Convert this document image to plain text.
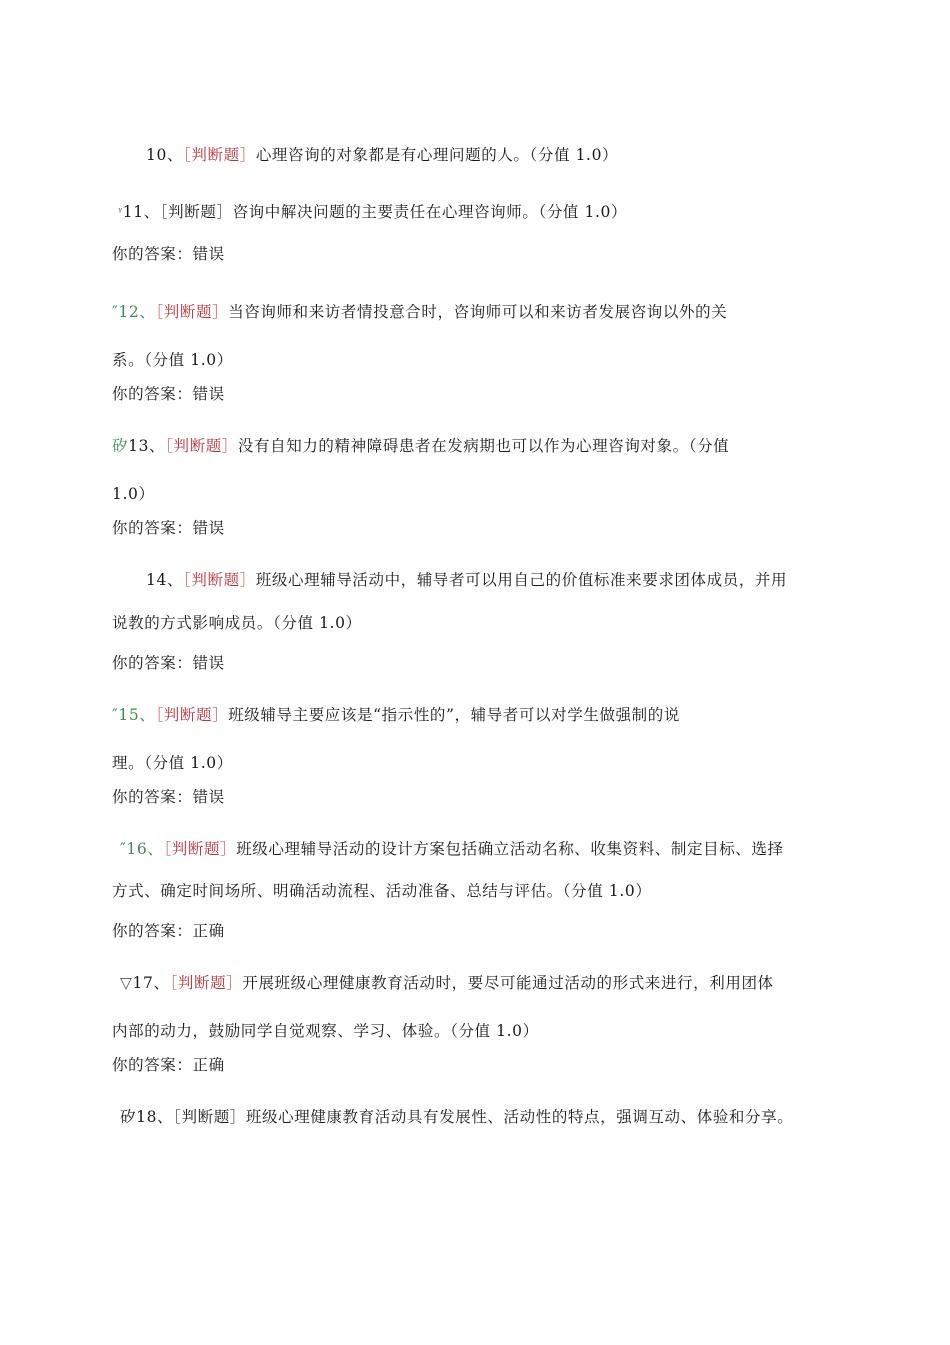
10、［判断题］心理咨询的对象都是有心理问题的人。（分值 1.0）
$^ᵞ$11、［判断题］咨询中解决问题的主要责任在心理咨询师。（分值 1.0）
你的答案：错误
″12、［判断题］当咨询师和来访者情投意合时，咨询师可以和来访者发展咨询以外的关
系。（分值 1.0）
你的答案：错误
矽13、［判断题］没有自知力的精神障碍患者在发病期也可以作为心理咨询对象。（分值
1.0）
你的答案：错误
14、［判断题］班级心理辅导活动中，辅导者可以用自己的价值标准来要求团体成员，并用
说教的方式影响成员。（分值 1.0）
你的答案：错误
″15、［判断题］班级辅导主要应该是“指示性的”，辅导者可以对学生做强制的说
理。（分值 1.0）
你的答案：错误
″16、［判断题］班级心理辅导活动的设计方案包括确立活动名称、收集资料、制定目标、选择
方式、确定时间场所、明确活动流程、活动准备、总结与评估。（分值 1.0）
你的答案：正确
▽17、［判断题］开展班级心理健康教育活动时，要尽可能通过活动的形式来进行，利用团体
内部的动力，鼓励同学自觉观察、学习、体验。（分值 1.0）
你的答案：正确
矽18、［判断题］班级心理健康教育活动具有发展性、活动性的特点，强调互动、体验和分享。
